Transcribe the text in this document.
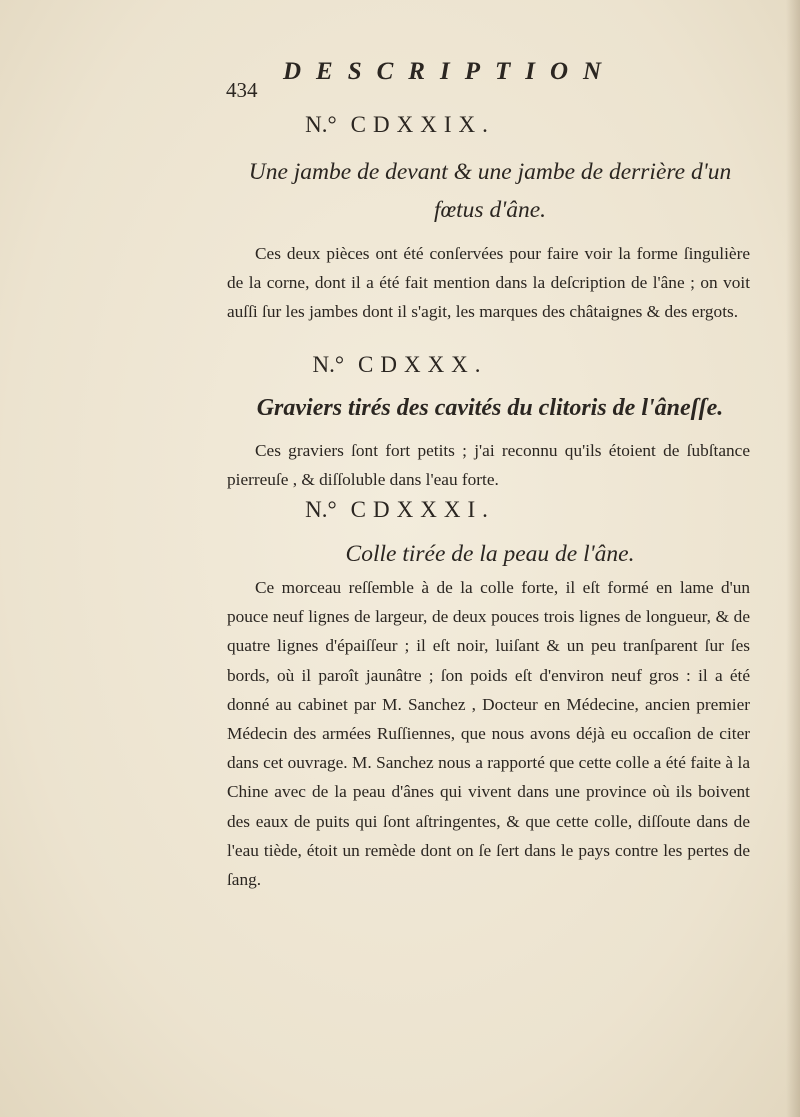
434
DESCRIPTION
N.° CDXXIX.
Une jambe de devant & une jambe de derrière d'un fœtus d'âne.

Ces deux pièces ont été conſervées pour faire voir la forme ſingulière de la corne, dont il a été fait mention dans la deſcription de l'âne ; on voit auſſi ſur les jambes dont il s'agit, les marques des châtaignes & des ergots.

N.° CDXXX.
Graviers tirés des cavités du clitoris de l'âneſſe.

Ces graviers ſont fort petits ; j'ai reconnu qu'ils étoient de ſubſtance pierreuſe , & diſſoluble dans l'eau forte.

N.° CDXXXI.
Colle tirée de la peau de l'âne.

Ce morceau reſſemble à de la colle forte, il eſt formé en lame d'un pouce neuf lignes de largeur, de deux pouces trois lignes de longueur, & de quatre lignes d'épaiſſeur ; il eſt noir, luiſant & un peu tranſparent ſur ſes bords, où il paroît jaunâtre ; ſon poids eſt d'environ neuf gros : il a été donné au cabinet par M. Sanchez , Docteur en Médecine, ancien premier Médecin des armées Ruſſiennes, que nous avons déjà eu occaſion de citer dans cet ouvrage. M. Sanchez nous a rapporté que cette colle a été faite à la Chine avec de la peau d'ânes qui vivent dans une province où ils boivent des eaux de puits qui ſont aſtringentes, & que cette colle, diſſoute dans de l'eau tiède, étoit un remède dont on ſe ſert dans le pays contre les pertes de ſang.
